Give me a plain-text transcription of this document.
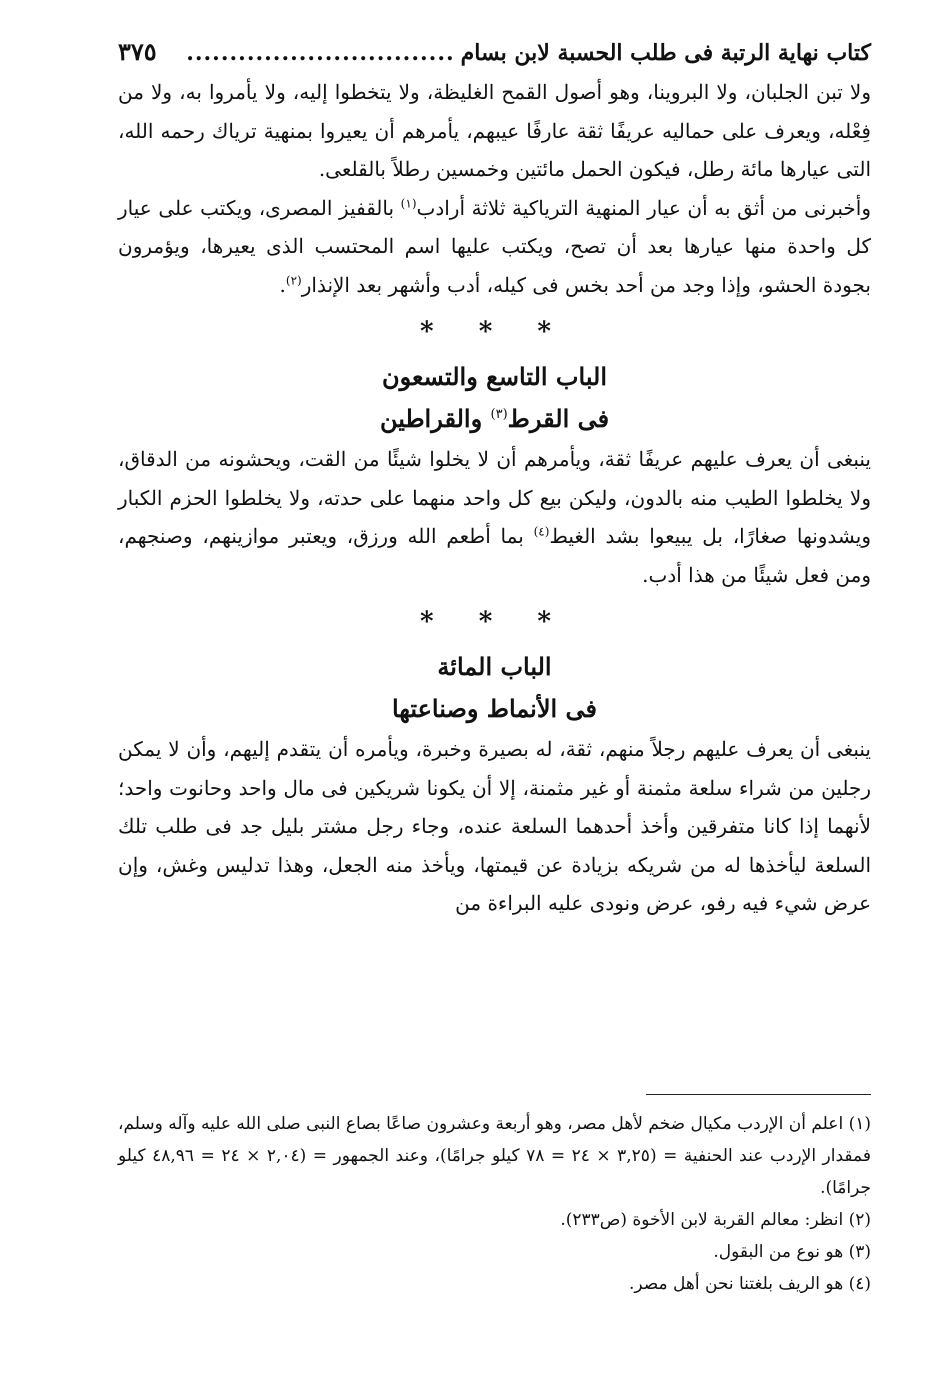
كتاب نهاية الرتبة فى طلب الحسبة لابن بسام
...............................
٣٧٥

ولا تبن الجلبان، ولا البروينا، وهو أصول القمح الغليظة، ولا يتخطوا إليه، ولا يأمروا به، ولا من فِعْله، ويعرف على حماليه عريفًا ثقة عارفًا عيبهم، يأمرهم أن يعيروا بمنهية ترياك رحمه الله، التى عيارها مائة رطل، فيكون الحمل مائتين وخمسين رطلاً بالقلعى.

وأخبرنى من أثق به أن عيار المنهية الترياكية ثلاثة أرادب$^{(١)}$ بالقفيز المصرى، ويكتب على عيار كل واحدة منها عيارها بعد أن تصح، ويكتب عليها اسم المحتسب الذى يعيرها، ويؤمرون بجودة الحشو، وإذا وجد من أحد بخس فى كيله، أدب وأشهر بعد الإنذار$^{(٢)}$.

* * *

الباب التاسع والتسعون

فى القرط$^{(٣)}$ والقراطين

ينبغى أن يعرف عليهم عريفًا ثقة، ويأمرهم أن لا يخلوا شيئًا من القت، ويحشونه من الدقاق، ولا يخلطوا الطيب منه بالدون، وليكن بيع كل واحد منهما على حدته، ولا يخلطوا الحزم الكبار ويشدونها صغارًا، بل يبيعوا بشد الغيط$^{(٤)}$ بما أطعم الله ورزق، ويعتبر موازينهم، وصنجهم، ومن فعل شيئًا من هذا أدب.

* * *

الباب المائة

فى الأنماط وصناعتها

ينبغى أن يعرف عليهم رجلاً منهم، ثقة، له بصيرة وخبرة، ويأمره أن يتقدم إليهم، وأن لا يمكن رجلين من شراء سلعة مثمنة أو غير مثمنة، إلا أن يكونا شريكين فى مال واحد وحانوت واحد؛ لأنهما إذا كانا متفرقين وأخذ أحدهما السلعة عنده، وجاء رجل مشتر بليل جد فى طلب تلك السلعة ليأخذها له من شريكه بزيادة عن قيمتها، ويأخذ منه الجعل، وهذا تدليس وغش، وإن عرض شيء فيه رفو، عرض ونودى عليه البراءة من

(١) اعلم أن الإردب مكيال ضخم لأهل مصر، وهو أربعة وعشرون صاعًا بصاع النبى صلى الله عليه وآله وسلم، فمقدار الإردب عند الحنفية = (٣,٢٥ × ٢٤ = ٧٨ كيلو جرامًا)، وعند الجمهور = (٢,٠٤ × ٢٤ = ٤٨,٩٦ كيلو جرامًا).

(٢) انظر: معالم القربة لابن الأخوة (ص٢٣٣).

(٣) هو نوع من البقول.

(٤) هو الريف بلغتنا نحن أهل مصر.
